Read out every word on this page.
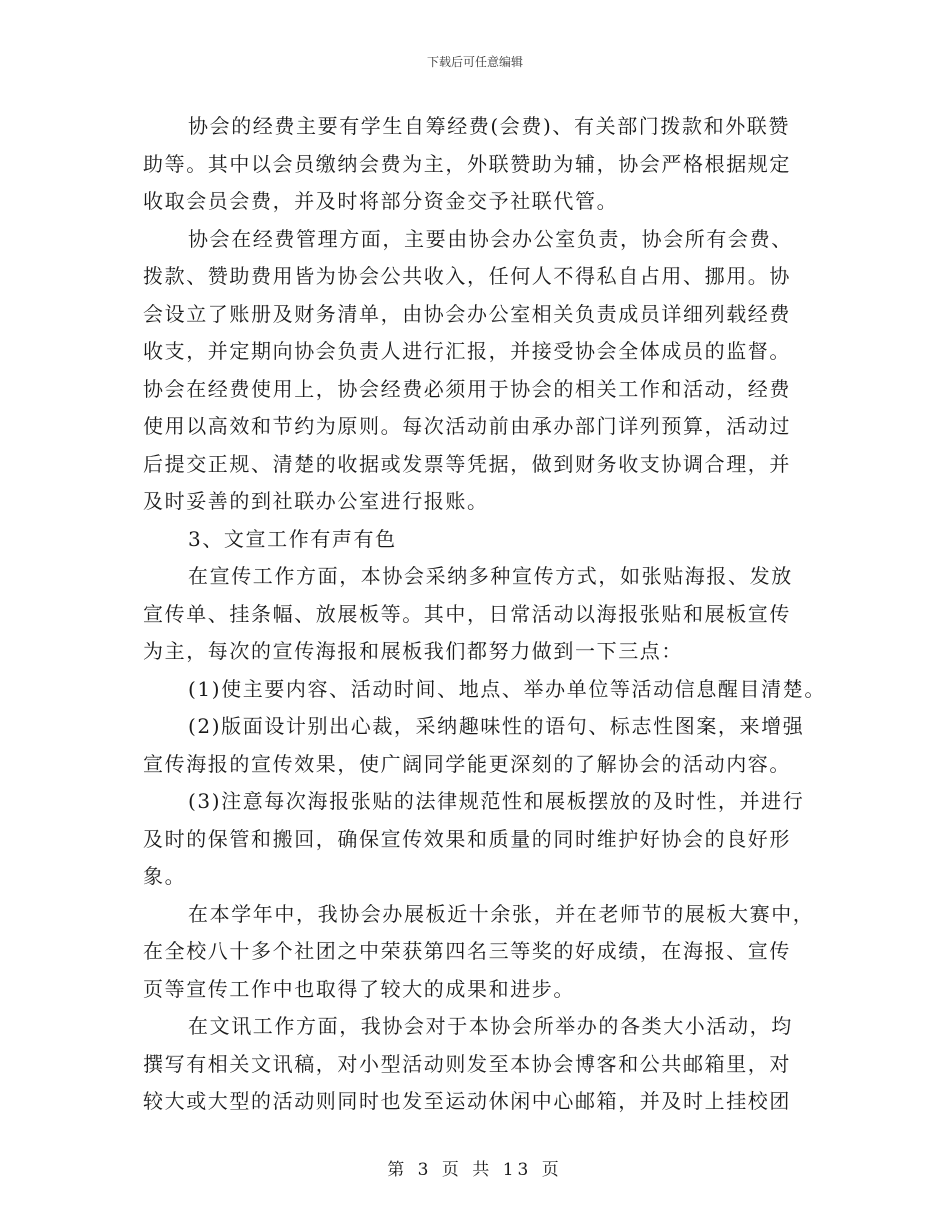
下载后可任意编辑

协会的经费主要有学生自筹经费(会费)、有关部门拨款和外联赞

助等。其中以会员缴纳会费为主，外联赞助为辅，协会严格根据规定

收取会员会费，并及时将部分资金交予社联代管。

协会在经费管理方面，主要由协会办公室负责，协会所有会费、

拨款、赞助费用皆为协会公共收入，任何人不得私自占用、挪用。协

会设立了账册及财务清单，由协会办公室相关负责成员详细列载经费

收支，并定期向协会负责人进行汇报，并接受协会全体成员的监督。

协会在经费使用上，协会经费必须用于协会的相关工作和活动，经费

使用以高效和节约为原则。每次活动前由承办部门详列预算，活动过

后提交正规、清楚的收据或发票等凭据，做到财务收支协调合理，并

及时妥善的到社联办公室进行报账。

3、文宣工作有声有色

在宣传工作方面，本协会采纳多种宣传方式，如张贴海报、发放

宣传单、挂条幅、放展板等。其中，日常活动以海报张贴和展板宣传

为主，每次的宣传海报和展板我们都努力做到一下三点：

(1)使主要内容、活动时间、地点、举办单位等活动信息醒目清楚。

(2)版面设计别出心裁，采纳趣味性的语句、标志性图案，来增强

宣传海报的宣传效果，使广阔同学能更深刻的了解协会的活动内容。

(3)注意每次海报张贴的法律规范性和展板摆放的及时性，并进行

及时的保管和搬回，确保宣传效果和质量的同时维护好协会的良好形

象。

在本学年中，我协会办展板近十余张，并在老师节的展板大赛中，

在全校八十多个社团之中荣获第四名三等奖的好成绩，在海报、宣传

页等宣传工作中也取得了较大的成果和进步。

在文讯工作方面，我协会对于本协会所举办的各类大小活动，均

撰写有相关文讯稿，对小型活动则发至本协会博客和公共邮箱里，对

较大或大型的活动则同时也发至运动休闲中心邮箱，并及时上挂校团

第 3 页 共 13 页
